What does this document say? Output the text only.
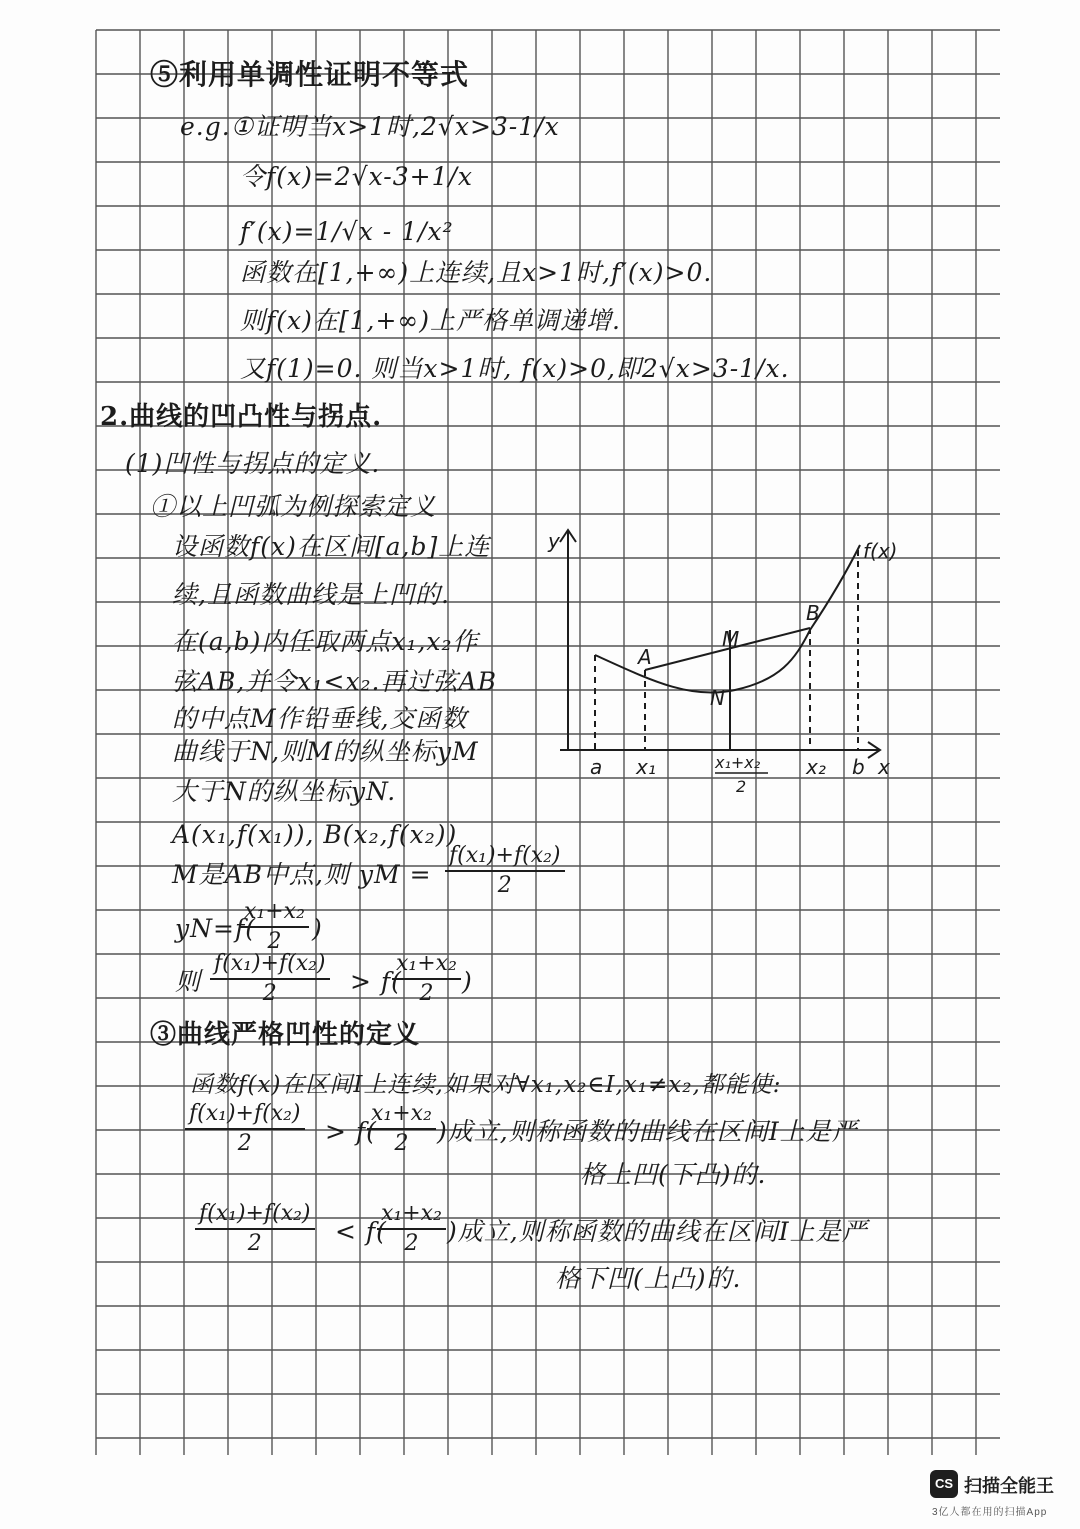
⑤利用单调性证明不等式
e.g.①证明当x>1时,2√x>3-1/x
令f(x)=2√x-3+1/x
f′(x)=1/√x - 1/x²
函数在[1,+∞)上连续,且x>1时,f′(x)>0.
则f(x)在[1,+∞)上严格单调递增.
又f(1)=0. 则当x>1时, f(x)>0,即2√x>3-1/x.
2.曲线的凹凸性与拐点.
(1)凹性与拐点的定义.
①以上凹弧为例探索定义
设函数f(x)在区间[a,b]上连
续,且函数曲线是上凹的.
在(a,b)内任取两点x₁,x₂作
弦AB,并令x₁<x₂.再过弦AB
的中点M作铅垂线,交函数
曲线于N,则M的纵坐标yM
大于N的纵坐标yN.
A(x₁,f(x₁)), B(x₂,f(x₂))
M是AB中点,则 yM = $\frac{\text{f(x₁)+f(x₂)}}{2}$
yN=f(
$\frac{\text{x₁+x₂}}{2}$ )
则 $\frac{\text{f(x₁)+f(x₂)}}{2} > f$(
$\frac{\text{x₁+x₂}}{2}$ )
③曲线严格凹性的定义
函数f(x)在区间I上连续,如果对∀x₁,x₂∈I,x₁≠x₂,都能使:
$\frac{\text{f(x₁)+f(x₂)}}{2} > f$(
$\frac{\text{x₁+x₂}}{2}$ )成立,则称函数的曲线在区间I上是严
格上凹(下凸)的.
$\frac{\text{f(x₁)+f(x₂)}}{2} < f$(
$\frac{\text{x₁+x₂}}{2}$ )成立,则称函数的曲线在区间I上是严
格下凹(上凸)的.
y
x
f(x)
A
B
M
N
a x₁	x₁+x₂
2
x₂ b
CS 扫描全能王
3亿人都在用的扫描App
